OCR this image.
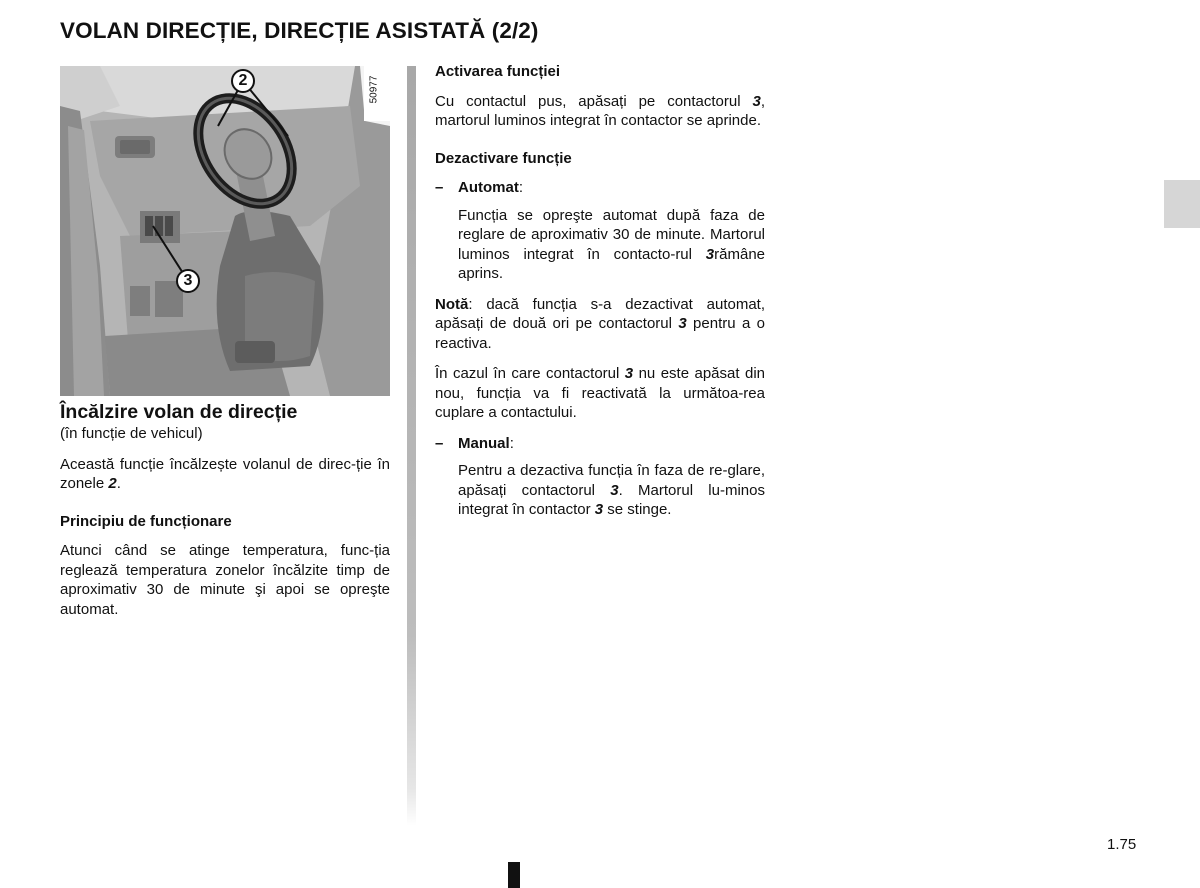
VOLAN DIRECȚIE, DIRECȚIE ASISTATĂ (2/2)
2
3
50977
Încălzire volan de direcție
(în funcție de vehicul)

Această funcție încălzește volanul de direc-ție în zonele 2.

Principiu de funcționare

Atunci când se atinge temperatura, func-ția reglează temperatura zonelor încălzite timp de aproximativ 30 de minute şi apoi se opreşte automat.

Activarea funcției

Cu contactul pus, apăsați pe contactorul 3, martorul luminos integrat în contactor se aprinde.

Dezactivare funcție
– Automat:

Funcția se opreşte automat după faza de reglare de aproximativ 30 de minute. Martorul luminos integrat în contacto-rul 3rămâne aprins.

Notă: dacă funcția s-a dezactivat automat, apăsați de două ori pe contactorul 3 pentru a o reactiva.

În cazul în care contactorul 3 nu este apăsat din nou, funcția va fi reactivată la următoa-rea cuplare a contactului.

– Manual:

Pentru a dezactiva funcția în faza de re-glare, apăsați contactorul 3. Martorul lu-minos integrat în contactor 3 se stinge.

1.75
